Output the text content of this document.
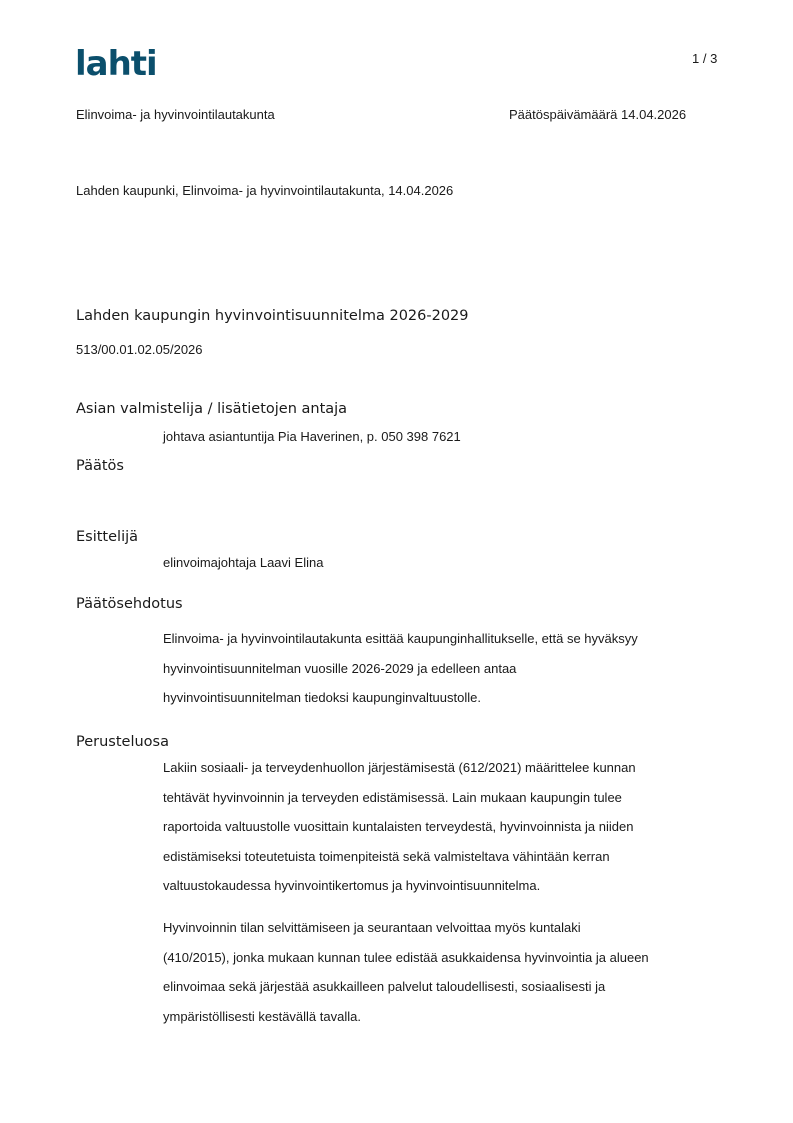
lahti	1 / 3
Elinvoima- ja hyvinvointilautakunta	Päätöspäivämäärä 14.04.2026
Lahden kaupunki, Elinvoima- ja hyvinvointilautakunta, 14.04.2026
Lahden kaupungin hyvinvointisuunnitelma 2026-2029
513/00.01.02.05/2026
Asian valmistelija / lisätietojen antaja
johtava asiantuntija Pia Haverinen, p. 050 398 7621
Päätös
Esittelijä
elinvoimajohtaja Laavi Elina
Päätösehdotus
Elinvoima- ja hyvinvointilautakunta esittää kaupunginhallitukselle, että se hyväksyy
hyvinvointisuunnitelman vuosille 2026-2029 ja edelleen antaa
hyvinvointisuunnitelman tiedoksi kaupunginvaltuustolle.
Perusteluosa
Lakiin sosiaali- ja terveydenhuollon järjestämisestä (612/2021) määrittelee kunnan
tehtävät hyvinvoinnin ja terveyden edistämisessä. Lain mukaan kaupungin tulee
raportoida valtuustolle vuosittain kuntalaisten terveydestä, hyvinvoinnista ja niiden
edistämiseksi toteutetuista toimenpiteistä sekä valmisteltava vähintään kerran
valtuustokaudessa hyvinvointikertomus ja hyvinvointisuunnitelma.
Hyvinvoinnin tilan selvittämiseen ja seurantaan velvoittaa myös kuntalaki
(410/2015), jonka mukaan kunnan tulee edistää asukkaidensa hyvinvointia ja alueen
elinvoimaa sekä järjestää asukkailleen palvelut taloudellisesti, sosiaalisesti ja
ympäristöllisesti kestävällä tavalla.
